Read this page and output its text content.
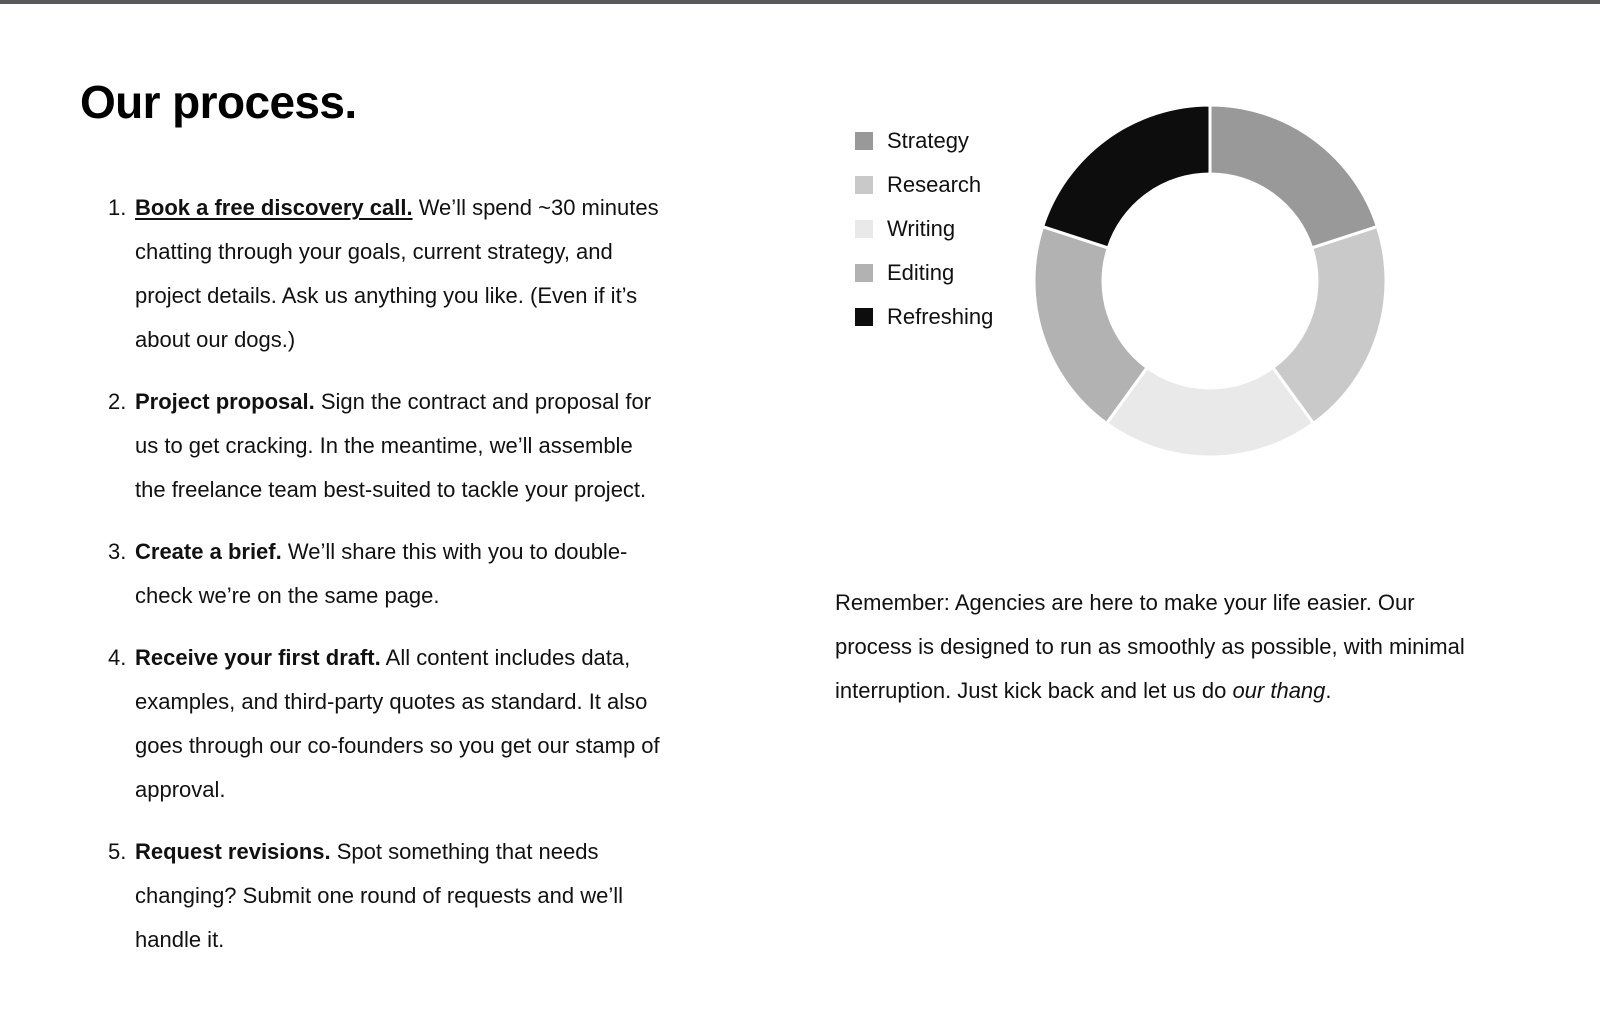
Our process.
1. Book a free discovery call. We’ll spend ~30 minutes chatting through your goals, current strategy, and project details. Ask us anything you like. (Even if it’s about our dogs.)
2. Project proposal. Sign the contract and proposal for us to get cracking. In the meantime, we’ll assemble the freelance team best-suited to tackle your project.
3. Create a brief. We’ll share this with you to double-check we’re on the same page.
4. Receive your first draft. All content includes data, examples, and third-party quotes as standard. It also goes through our co-founders so you get our stamp of approval.
5. Request revisions. Spot something that needs changing? Submit one round of requests and we’ll handle it.
Strategy
Research
Writing
Editing
Refreshing

Remember: Agencies are here to make your life easier. Our process is designed to run as smoothly as possible, with minimal interruption. Just kick back and let us do our thang.
